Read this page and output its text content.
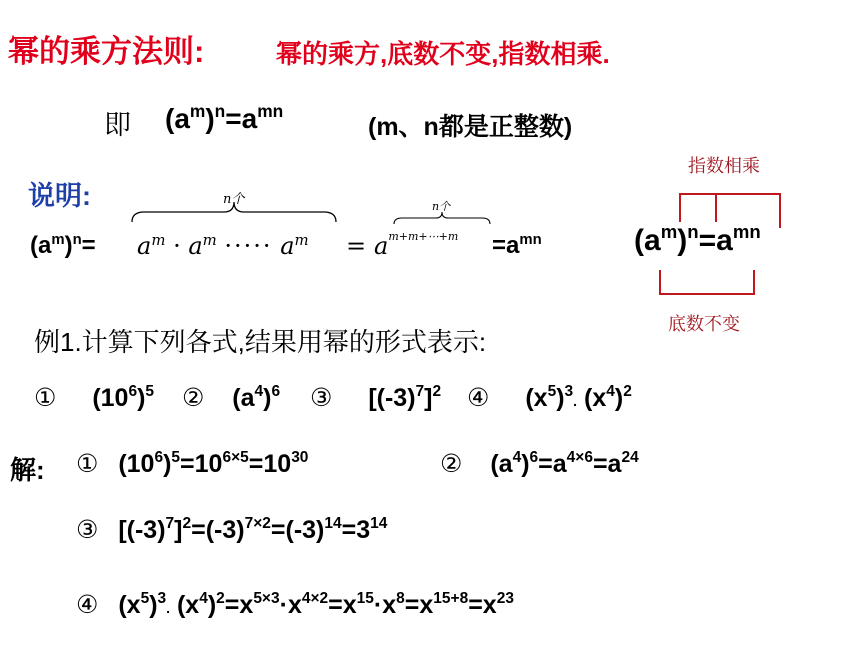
幂的乘方法则:	幂的乘方,底数不变,指数相乘.
即 $(a^m)^n=a^{mn}$
(m、n都是正整数)
说明:
$(a^m)^n=$
n个
$a^m \cdot a^m$ ····· $a^m$ =
n个
$a^{m+m+\cdots+m} =a^{mn}$
指数相乘
$(a^m)^n=a^{mn}$
底数不变
例1.计算下列各式,结果用幂的形式表示:
① $(10^6)^5$ ② $(a^4)^6$ ③ $[(-3)^7]^2$ ④ $(x^5)^3$. $(x^4)^2$
解: ① $(10^6)^5=10^{6\times 5}=10^{30}$	② $(a^4)^6=a^{4\times 6}=a^{24}$
③ $[(-3)^7]^2=(-3)^{7\times 2}=(-3)^{14}=3^{14}$
④ $(x^5)^3$. $(x^4)^2=x^{5\times 3}\cdot x^{4\times 2}=x^{15}\cdot x^8=x^{15+8}=x^{23}$
